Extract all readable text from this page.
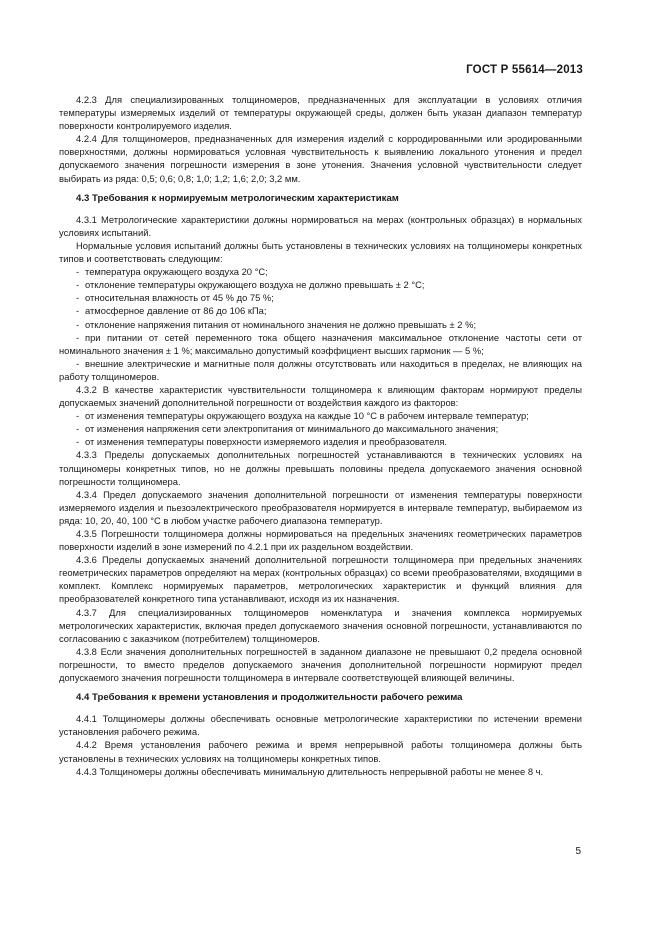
ГОСТ Р 55614—2013

4.2.3 Для специализированных толщиномеров, предназначенных для эксплуатации в условиях отличия температуры измеряемых изделий от температуры окружающей среды, должен быть указан диапазон температур поверхности контролируемого изделия.

4.2.4 Для толщиномеров, предназначенных для измерения изделий с корродированными или эродированными поверхностями, должны нормироваться условная чувствительность к выявлению локального утонения и предел допускаемого значения погрешности измерения в зоне утонения. Значения условной чувствительности следует выбирать из ряда: 0,5; 0,6; 0,8; 1,0; 1,2; 1,6; 2,0; 3,2 мм.

4.3 Требования к нормируемым метрологическим характеристикам

4.3.1 Метрологические характеристики должны нормироваться на мерах (контрольных образцах) в нормальных условиях испытаний.

Нормальные условия испытаний должны быть установлены в технических условиях на толщиномеры конкретных типов и соответствовать следующим:

- температура окружающего воздуха 20 °С;

- отклонение температуры окружающего воздуха не должно превышать ± 2 °С;

- относительная влажность от 45 % до 75 %;

- атмосферное давление от 86 до 106 кПа;

- отклонение напряжения питания от номинального значения не должно превышать ± 2 %;

- при питании от сетей переменного тока общего назначения максимальное отклонение частоты сети от номинального значения ± 1 %; максимально допустимый коэффициент высших гармоник — 5 %;

- внешние электрические и магнитные поля должны отсутствовать или находиться в пределах, не влияющих на работу толщиномеров.

4.3.2 В качестве характеристик чувствительности толщиномера к влияющим факторам нормируют пределы допускаемых значений дополнительной погрешности от воздействия каждого из факторов:

- от изменения температуры окружающего воздуха на каждые 10 °С в рабочем интервале температур;

- от изменения напряжения сети электропитания от минимального до максимального значения;

- от изменения температуры поверхности измеряемого изделия и преобразователя.

4.3.3 Пределы допускаемых дополнительных погрешностей устанавливаются в технических условиях на толщиномеры конкретных типов, но не должны превышать половины предела допускаемого значения основной погрешности толщиномера.

4.3.4 Предел допускаемого значения дополнительной погрешности от изменения температуры поверхности измеряемого изделия и пьезоэлектрического преобразователя нормируется в интервале температур, выбираемом из ряда: 10, 20, 40, 100 °С в любом участке рабочего диапазона температур.

4.3.5 Погрешности толщиномера должны нормироваться на предельных значениях геометрических параметров поверхности изделий в зоне измерений по 4.2.1 при их раздельном воздействии.

4.3.6 Пределы допускаемых значений дополнительной погрешности толщиномера при предельных значениях геометрических параметров определяют на мерах (контрольных образцах) со всеми преобразователями, входящими в комплект. Комплекс нормируемых параметров, метрологических характеристик и функций влияния для преобразователей конкретного типа устанавливают, исходя из их назначения.

4.3.7 Для специализированных толщиномеров номенклатура и значения комплекса нормируемых метрологических характеристик, включая предел допускаемого значения основной погрешности, устанавливаются по согласованию с заказчиком (потребителем) толщиномеров.

4.3.8 Если значения дополнительных погрешностей в заданном диапазоне не превышают 0,2 предела основной погрешности, то вместо пределов допускаемого значения дополнительной погрешности нормируют предел допускаемого значения погрешности толщиномера в интервале соответствующей влияющей величины.

4.4 Требования к времени установления и продолжительности рабочего режима

4.4.1 Толщиномеры должны обеспечивать основные метрологические характеристики по истечении времени установления рабочего режима.

4.4.2 Время установления рабочего режима и время непрерывной работы толщиномера должны быть установлены в технических условиях на толщиномеры конкретных типов.

4.4.3 Толщиномеры должны обеспечивать минимальную длительность непрерывной работы не менее 8 ч.

5
